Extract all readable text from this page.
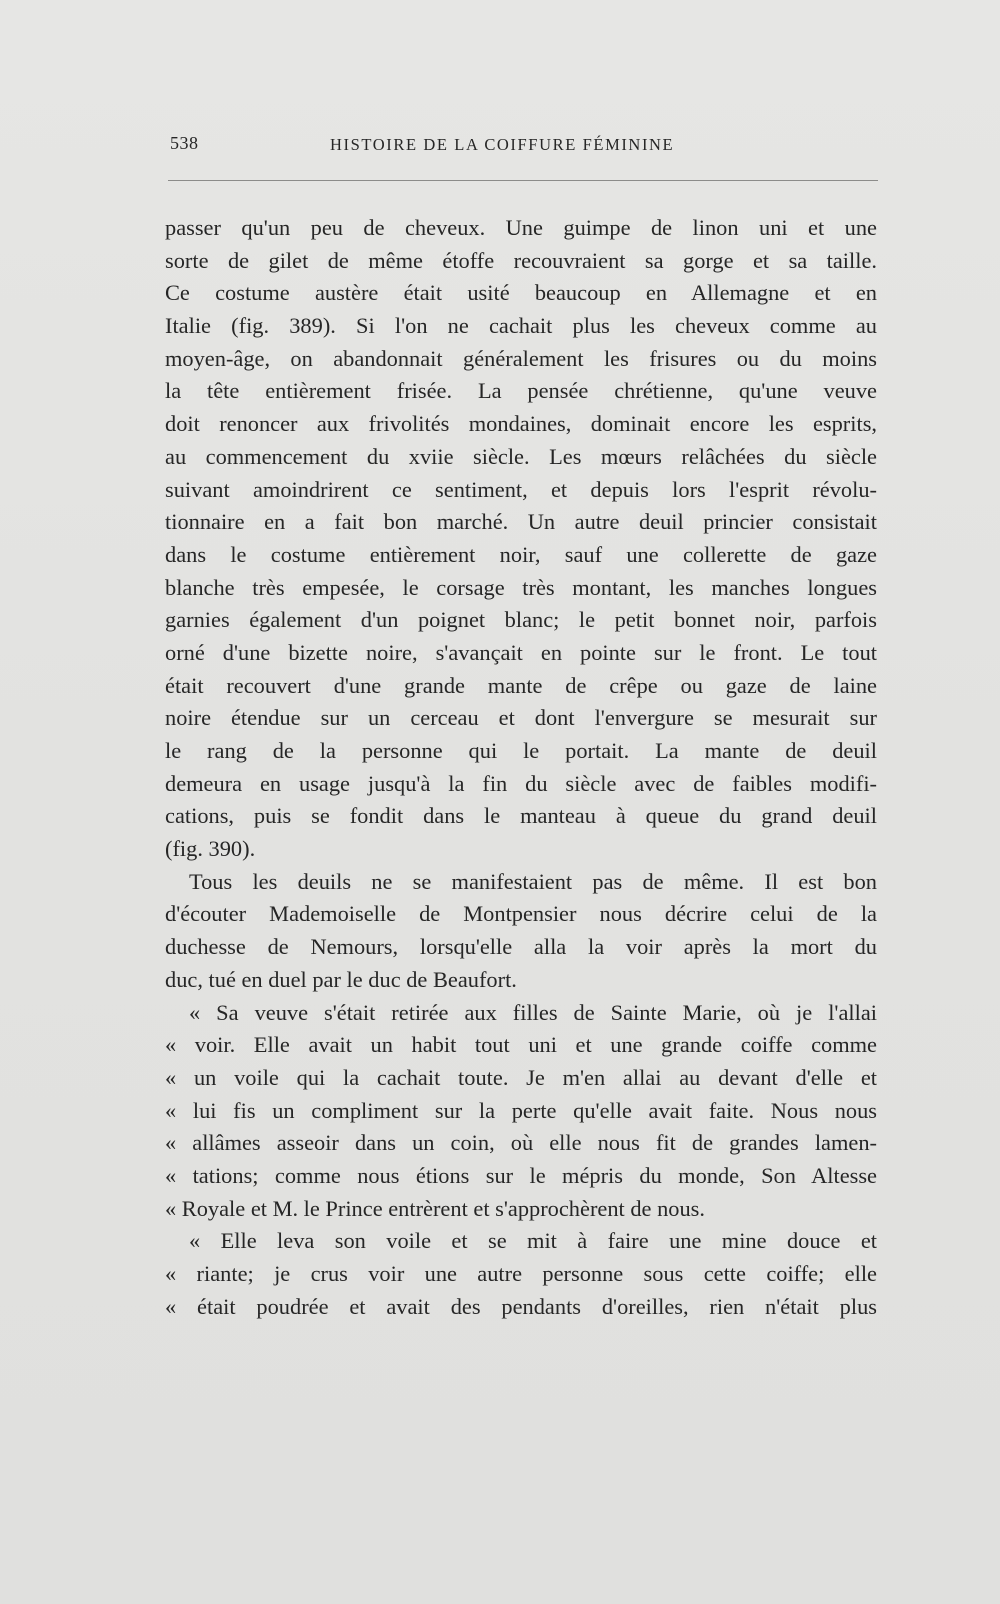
538	HISTOIRE DE LA COIFFURE FÉMININE
passer qu'un peu de cheveux. Une guimpe de linon uni et une
sorte de gilet de même étoffe recouvraient sa gorge et sa taille.
Ce costume austère était usité beaucoup en Allemagne et en
Italie (fig. 389). Si l'on ne cachait plus les cheveux comme au
moyen-âge, on abandonnait généralement les frisures ou du moins
la tête entièrement frisée. La pensée chrétienne, qu'une veuve
doit renoncer aux frivolités mondaines, dominait encore les esprits,
au commencement du xviie siècle. Les mœurs relâchées du siècle
suivant amoindrirent ce sentiment, et depuis lors l'esprit révolu-
tionnaire en a fait bon marché. Un autre deuil princier consistait
dans le costume entièrement noir, sauf une collerette de gaze
blanche très empesée, le corsage très montant, les manches longues
garnies également d'un poignet blanc; le petit bonnet noir, parfois
orné d'une bizette noire, s'avançait en pointe sur le front. Le tout
était recouvert d'une grande mante de crêpe ou gaze de laine
noire étendue sur un cerceau et dont l'envergure se mesurait sur
le rang de la personne qui le portait. La mante de deuil
demeura en usage jusqu'à la fin du siècle avec de faibles modifi-
cations, puis se fondit dans le manteau à queue du grand deuil
(fig. 390).
Tous les deuils ne se manifestaient pas de même. Il est bon
d'écouter Mademoiselle de Montpensier nous décrire celui de la
duchesse de Nemours, lorsqu'elle alla la voir après la mort du
duc, tué en duel par le duc de Beaufort.
« Sa veuve s'était retirée aux filles de Sainte Marie, où je l'allai
« voir. Elle avait un habit tout uni et une grande coiffe comme
« un voile qui la cachait toute. Je m'en allai au devant d'elle et
« lui fis un compliment sur la perte qu'elle avait faite. Nous nous
« allâmes asseoir dans un coin, où elle nous fit de grandes lamen-
« tations; comme nous étions sur le mépris du monde, Son Altesse
« Royale et M. le Prince entrèrent et s'approchèrent de nous.
« Elle leva son voile et se mit à faire une mine douce et
« riante; je crus voir une autre personne sous cette coiffe; elle
« était poudrée et avait des pendants d'oreilles, rien n'était plus
